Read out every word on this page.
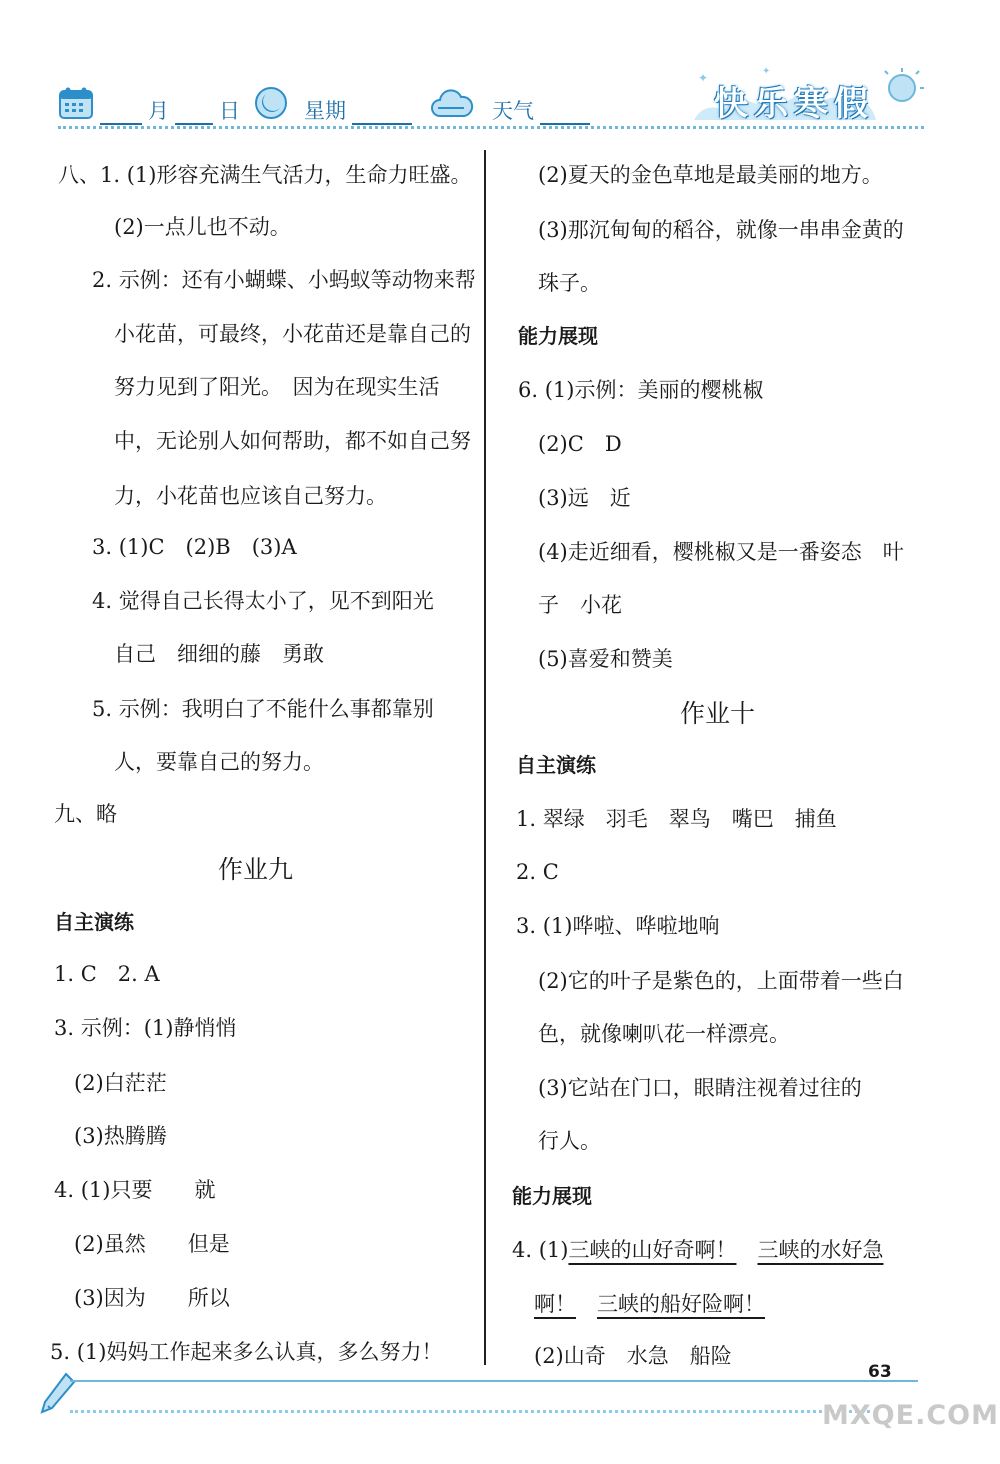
月 日	星期	天气
✦	✦
快乐寒假
八、1. (1)形容充满生气活力，生命力旺盛。
(2)一点儿也不动。
2. 示例：还有小蝴蝶、小蚂蚁等动物来帮
小花苗，可最终，小花苗还是靠自己的
努力见到了阳光。　因为在现实生活
中，无论别人如何帮助，都不如自己努
力，小花苗也应该自己努力。
3. (1)C　(2)B　(3)A
4. 觉得自己长得太小了，见不到阳光
自己　细细的藤　勇敢
5. 示例：我明白了不能什么事都靠别
人，要靠自己的努力。
九、略
作业九
自主演练
1. C　2. A
3. 示例：(1)静悄悄
(2)白茫茫
(3)热腾腾
4. (1)只要　　就
(2)虽然　　但是
(3)因为　　所以
5. (1)妈妈工作起来多么认真，多么努力！
(2)夏天的金色草地是最美丽的地方。
(3)那沉甸甸的稻谷，就像一串串金黄的
珠子。
能力展现
6. (1)示例：美丽的樱桃椒
(2)C　D
(3)远　近
(4)走近细看，樱桃椒又是一番姿态　叶
子　小花
(5)喜爱和赞美
作业十
自主演练
1. 翠绿　羽毛　翠鸟　嘴巴　捕鱼
2. C
3. (1)哗啦、哗啦地响
(2)它的叶子是紫色的，上面带着一些白
色，就像喇叭花一样漂亮。
(3)它站在门口，眼睛注视着过往的
行人。
能力展现
4. (1)三峡的山好奇啊！　 三峡的水好急
啊！　 三峡的船好险啊！
(2)山奇　水急　船险
63
MXQE.COM
